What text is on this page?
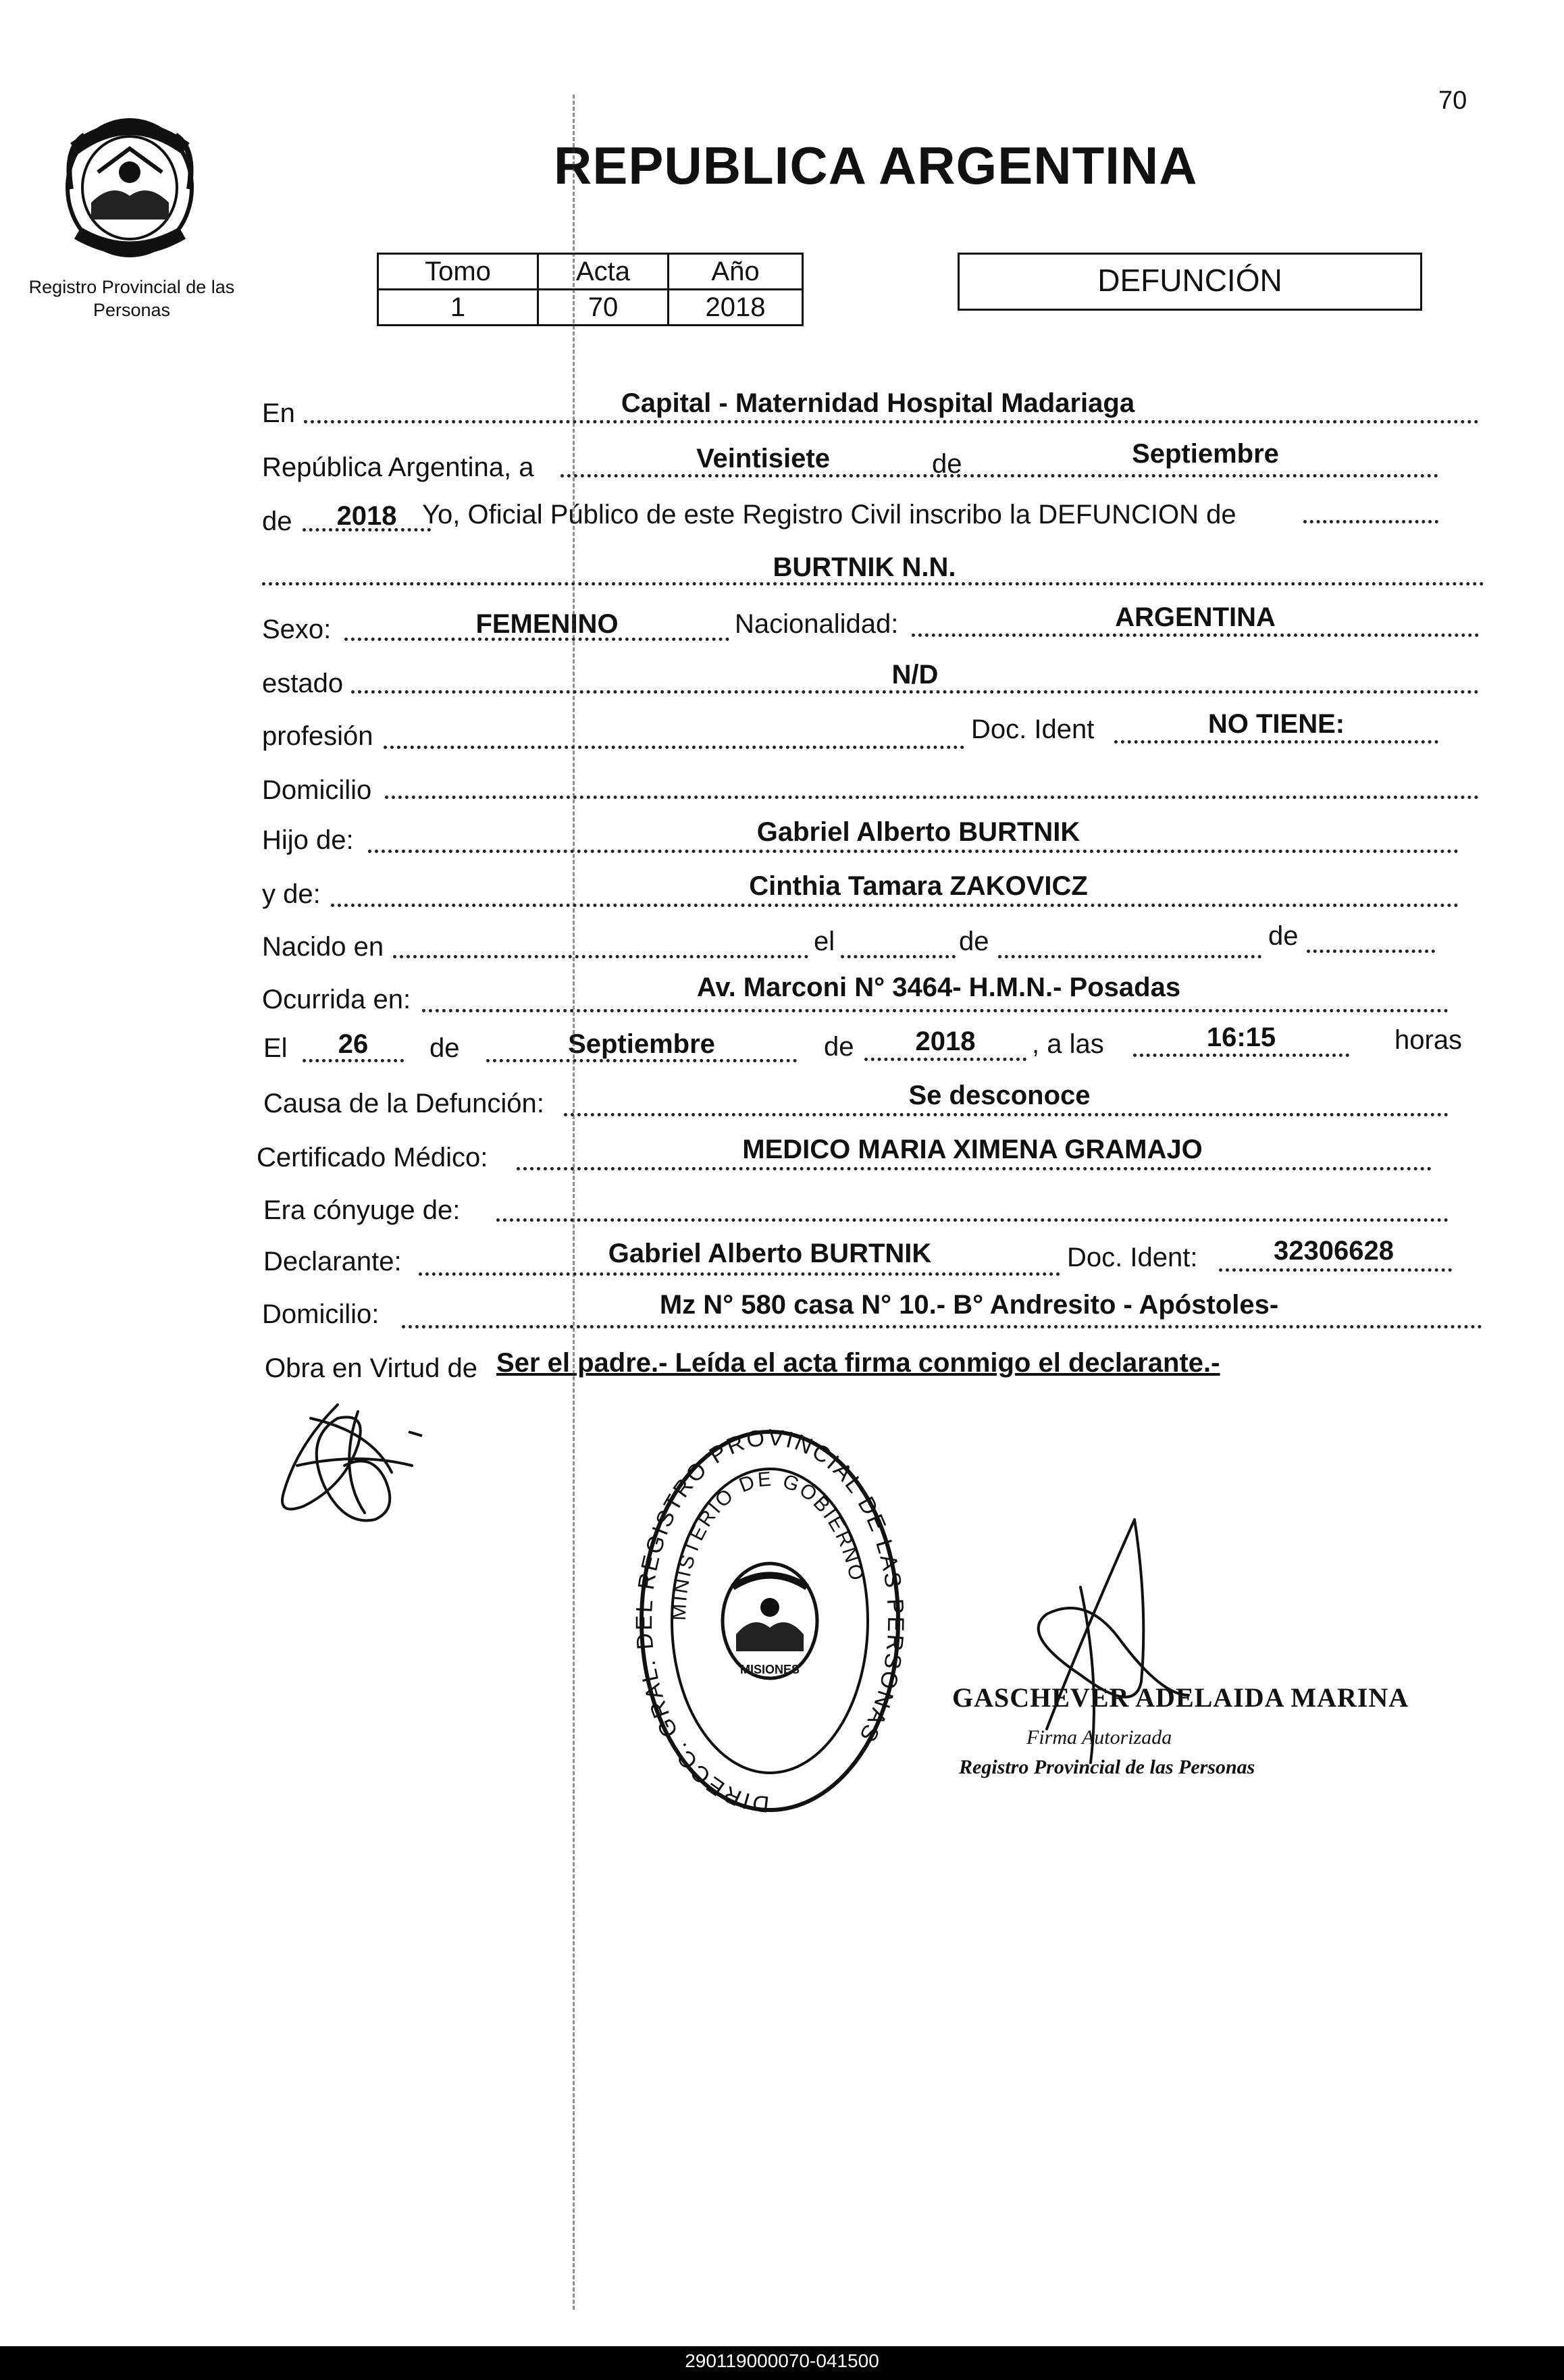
70
Registro Provincial de las Personas
REPUBLICA ARGENTINA
Tomo	Acta	Año
1	70	2018
DEFUNCIÓN
En	Capital - Maternidad Hospital Madariaga
República Argentina, a	Veintisiete	de	Septiembre
de	2018 Yo, Oficial Público de este Registro Civil inscribo la DEFUNCION de
BURTNIK N.N.
Sexo:	FEMENINO	Nacionalidad:	ARGENTINA
estado	N/D
profesión	Doc. Ident	NO TIENE:
Domicilio
Hijo de:	Gabriel Alberto BURTNIK
y de:	Cinthia Tamara ZAKOVICZ
Nacido en	el	de	de
Ocurrida en:	Av. Marconi N° 3464- H.M.N.- Posadas
El	26	de	Septiembre	de	2018	, a las	16:15	horas
Causa de la Defunción:	Se desconoce
Certificado Médico:	MEDICO MARIA XIMENA GRAMAJO
Era cónyuge de:
Declarante:	Gabriel Alberto BURTNIK	Doc. Ident:	32306628
Domicilio:	Mz N° 580 casa N° 10.- B° Andresito - Apóstoles-
Obra en Virtud de Ser el padre.- Leída el acta firma conmigo el declarante.-
DIRECC. GRAL. REGISTRO PROVINCIAL DE LAS SONAS
MINISTERIO DE GOBIERNO
MISIONES
GASCHEVER ADELAIDA MARINA
Firma Autorizada
Registro Provincial de las Personas
290119000070-041500
